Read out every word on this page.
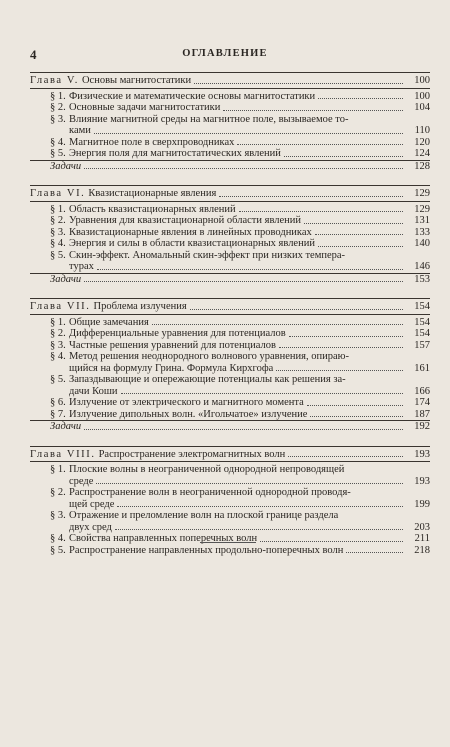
4	ОГЛАВЛЕНИЕ
Глава V. Основы магнитостатики	100
§ 1. Физические и математические основы магнитостатики	100
§ 2. Основные задачи магнитостатики	104
§ 3. Влияние магнитной среды на магнитное поле, вызываемое то-
ками	110
§ 4. Магнитное поле в сверхпроводниках	120
§ 5. Энергия поля для магнитостатических явлений	124
Задачи	128
Глава VI. Квазистационарные явления	129
§ 1. Область квазистационарных явлений	129
§ 2. Уравнения для квазистационарной области явлений	131
§ 3. Квазистационарные явления в линейных проводниках	133
§ 4. Энергия и силы в области квазистационарных явлений	140
§ 5. Скин-эффект. Аномальный скин-эффект при низких темпера-
турах	146
Задачи	153
Глава VII. Проблема излучения	154
§ 1. Общие замечания	154
§ 2. Дифференциальные уравнения для потенциалов	154
§ 3. Частные решения уравнений для потенциалов	157
§ 4. Метод решения неоднородного волнового уравнения, опираю-
щийся на формулу Грина. Формула Кирхгофа	161
§ 5. Запаздывающие и опережающие потенциалы как решения за-
дачи Коши	166
§ 6. Излучение от электрического и магнитного момента	174
§ 7. Излучение дипольных волн. «Игольчатое» излучение	187
Задачи	192
Глава VIII. Распространение электромагнитных волн	193
§ 1. Плоские волны в неограниченной однородной непроводящей
среде	193
§ 2. Распространение волн в неограниченной однородной проводя-
щей среде	199
§ 3. Отражение и преломление волн на плоской границе раздела
двух сред	203
§ 4. Свойства направленных поперечных волн	211
§ 5. Распространение направленных продольно-поперечных волн	218
